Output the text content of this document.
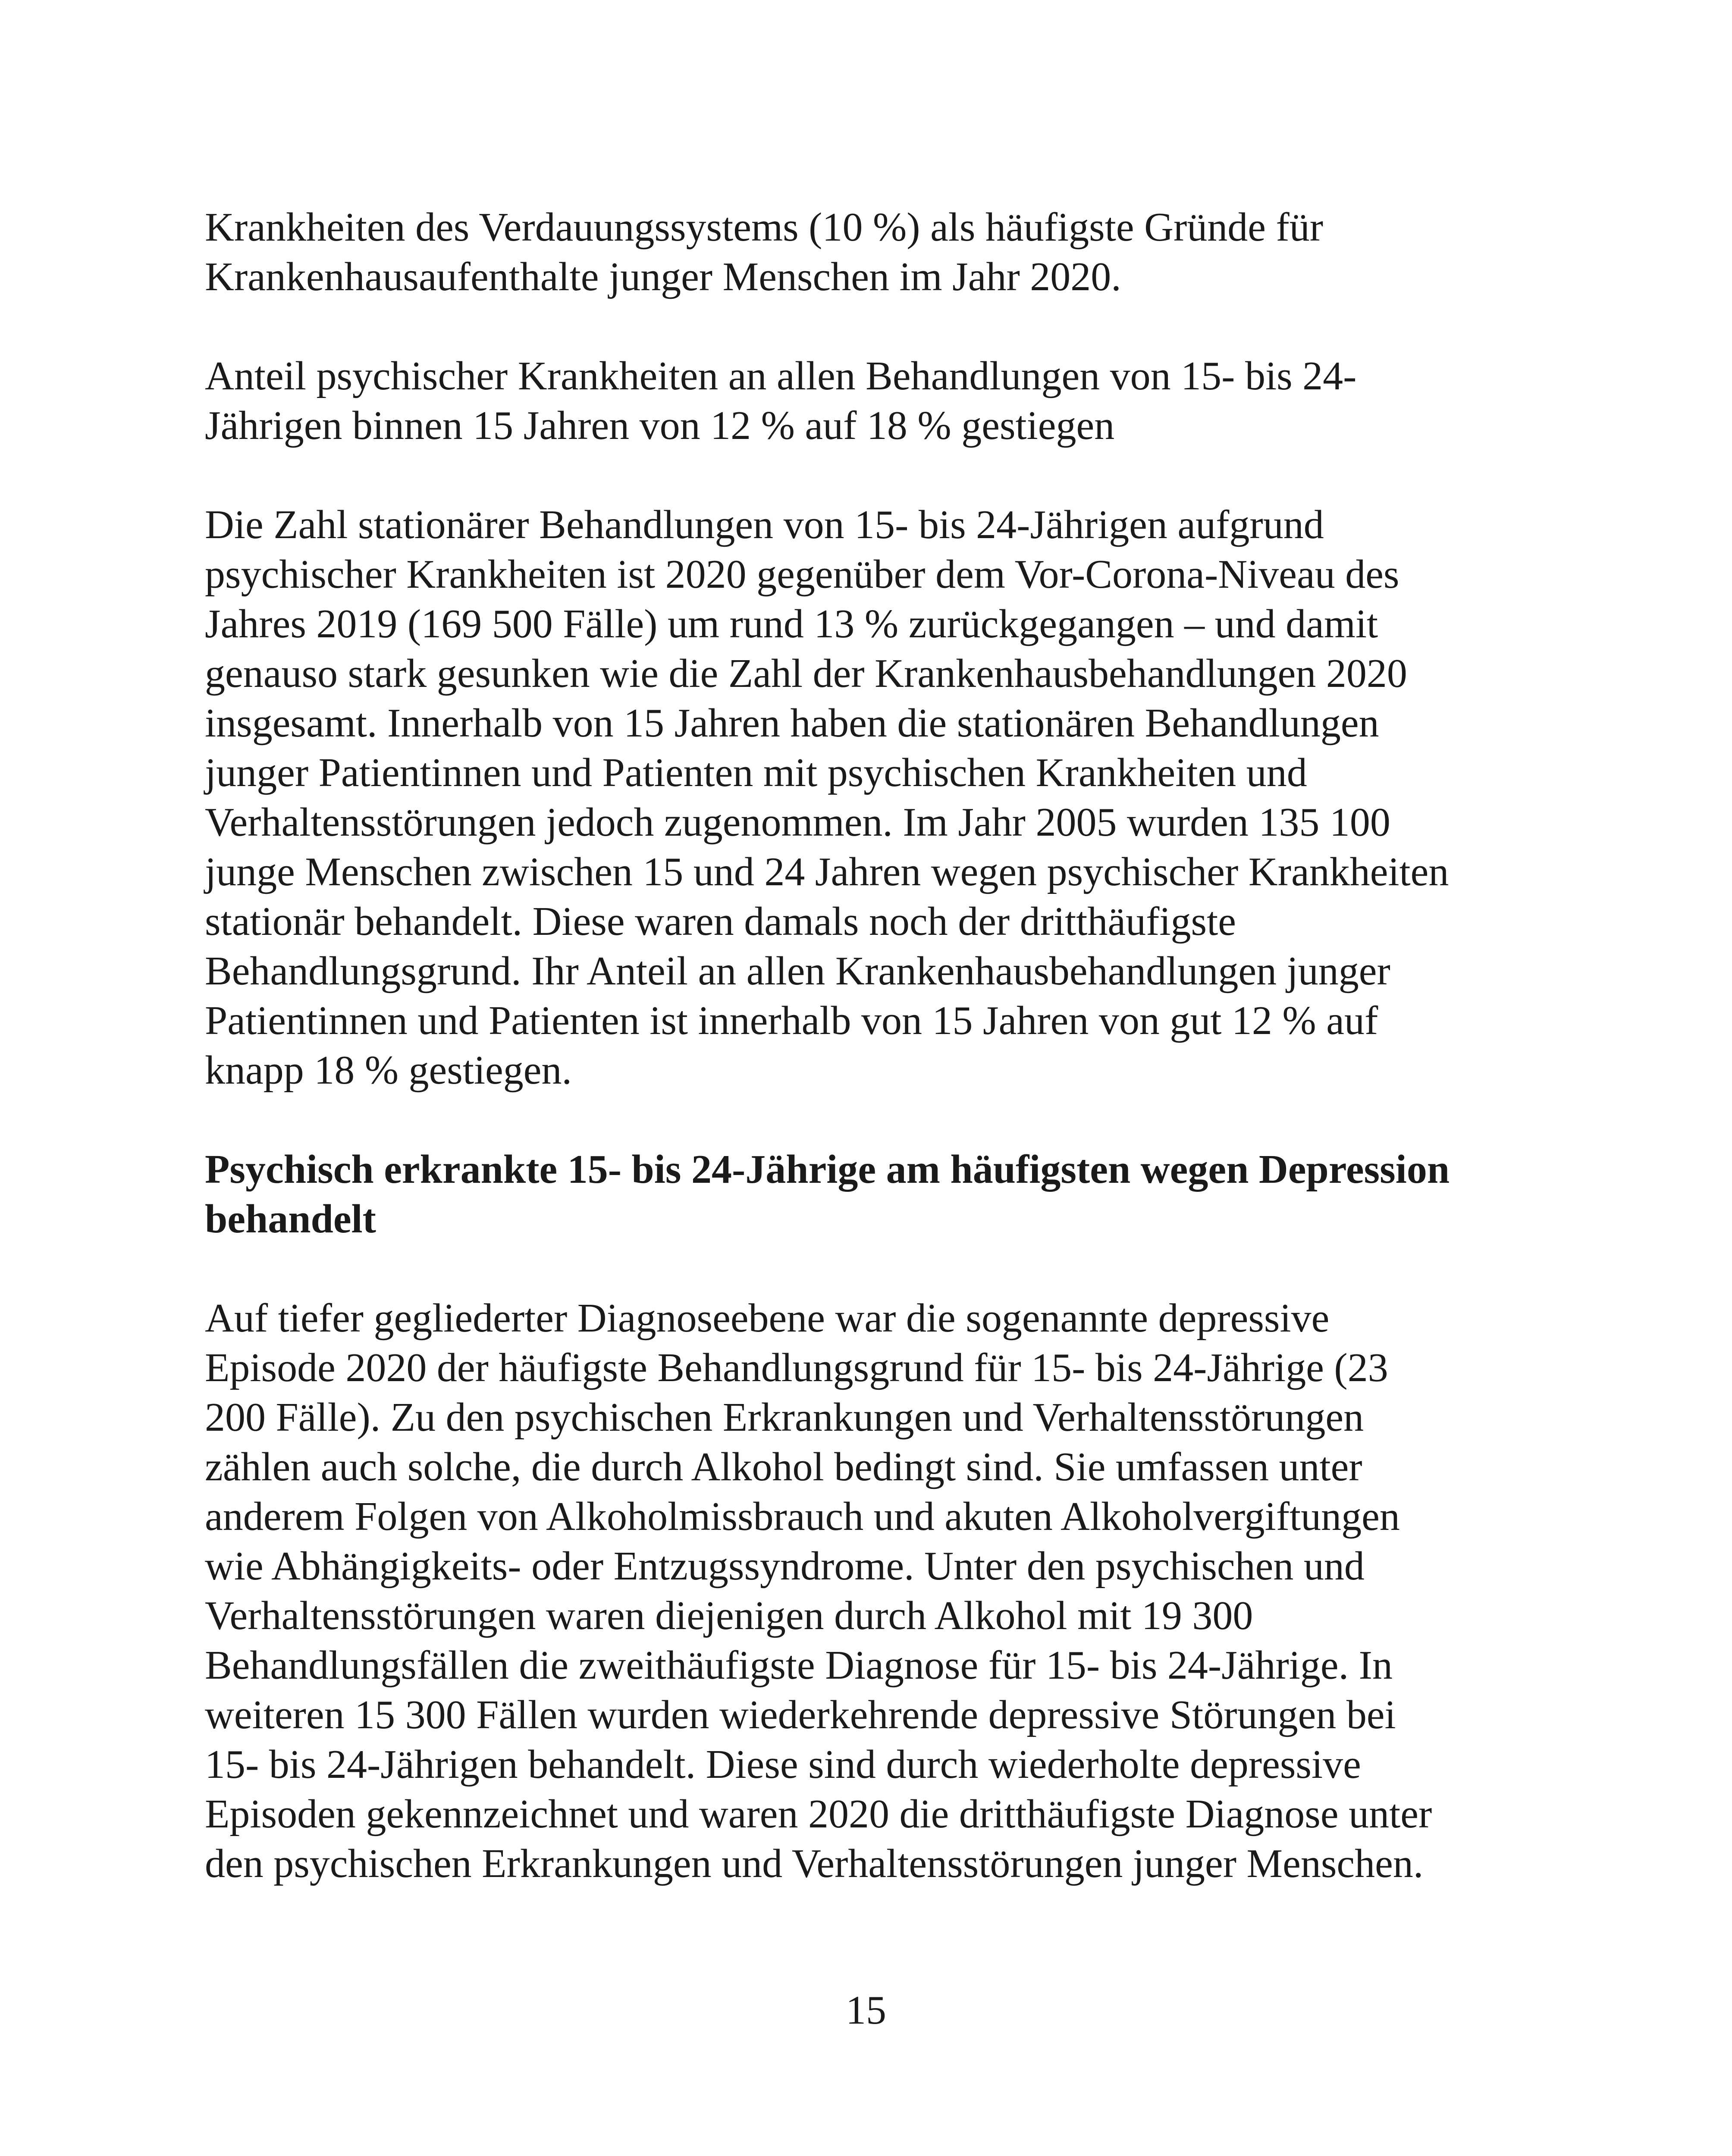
Krankheiten des Verdauungssystems (10 %) als häufigste Gründe für
Krankenhausaufenthalte junger Menschen im Jahr 2020.

Anteil psychischer Krankheiten an allen Behandlungen von 15- bis 24-
Jährigen binnen 15 Jahren von 12 % auf 18 % gestiegen

Die Zahl stationärer Behandlungen von 15- bis 24-Jährigen aufgrund
psychischer Krankheiten ist 2020 gegenüber dem Vor-Corona-Niveau des
Jahres 2019 (169 500 Fälle) um rund 13 % zurückgegangen – und damit
genauso stark gesunken wie die Zahl der Krankenhausbehandlungen 2020
insgesamt. Innerhalb von 15 Jahren haben die stationären Behandlungen
junger Patientinnen und Patienten mit psychischen Krankheiten und
Verhaltensstörungen jedoch zugenommen. Im Jahr 2005 wurden 135 100
junge Menschen zwischen 15 und 24 Jahren wegen psychischer Krankheiten
stationär behandelt. Diese waren damals noch der dritthäufigste
Behandlungsgrund. Ihr Anteil an allen Krankenhausbehandlungen junger
Patientinnen und Patienten ist innerhalb von 15 Jahren von gut 12 % auf
knapp 18 % gestiegen.

Psychisch erkrankte 15- bis 24-Jährige am häufigsten wegen Depression
behandelt

Auf tiefer gegliederter Diagnoseebene war die sogenannte depressive
Episode 2020 der häufigste Behandlungsgrund für 15- bis 24-Jährige (23
200 Fälle). Zu den psychischen Erkrankungen und Verhaltensstörungen
zählen auch solche, die durch Alkohol bedingt sind. Sie umfassen unter
anderem Folgen von Alkoholmissbrauch und akuten Alkoholvergiftungen
wie Abhängigkeits- oder Entzugssyndrome. Unter den psychischen und
Verhaltensstörungen waren diejenigen durch Alkohol mit 19 300
Behandlungsfällen die zweithäufigste Diagnose für 15- bis 24-Jährige. In
weiteren 15 300 Fällen wurden wiederkehrende depressive Störungen bei
15- bis 24-Jährigen behandelt. Diese sind durch wiederholte depressive
Episoden gekennzeichnet und waren 2020 die dritthäufigste Diagnose unter
den psychischen Erkrankungen und Verhaltensstörungen junger Menschen.

15
